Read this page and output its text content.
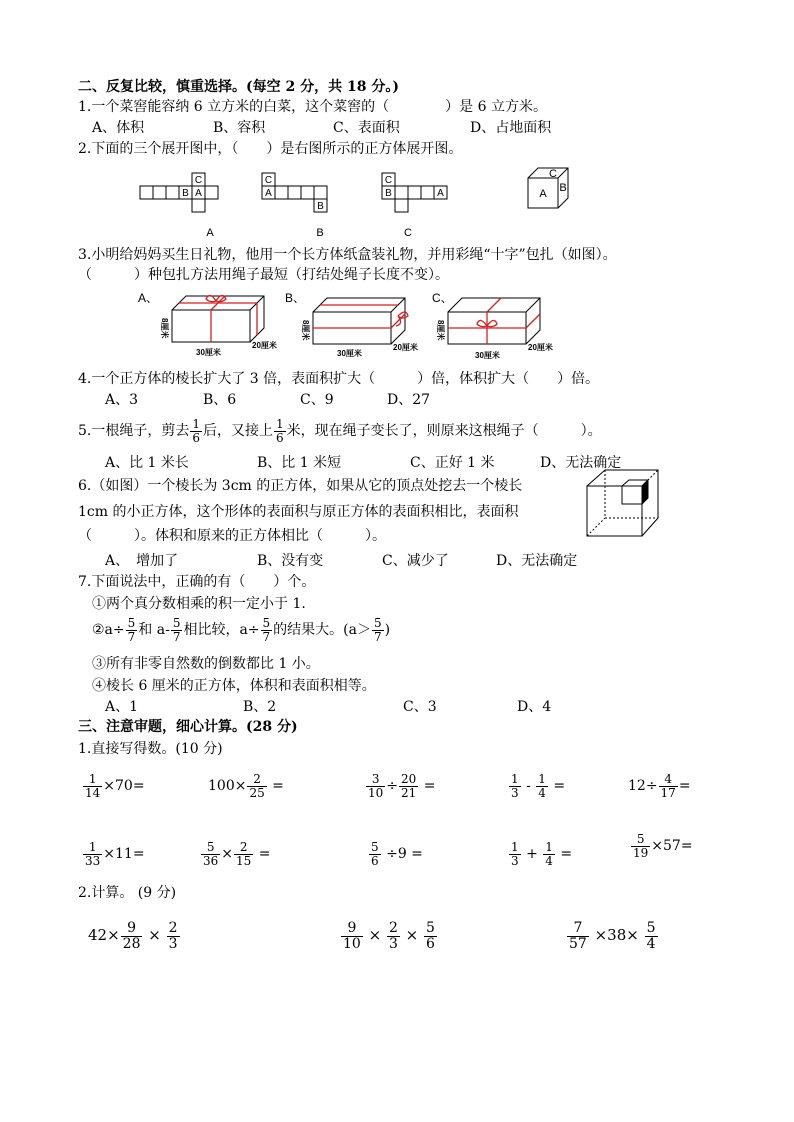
二、反复比较，慎重选择。(每空 2 分，共 18 分。)
1.一个菜窖能容纳 6 立方米的白菜，这个菜窖的（　　　　）是 6 立方米。
A、体积	B、容积	C、表面积	D、占地面积
2.下面的三个展开图中，（　　）是右图所示的正方体展开图。
C
B A
C
A
B
C
B	A
C
A B
A	B	C
3.小明给妈妈买生日礼物，他用一个长方体纸盒装礼物，并用彩绳“十字”包扎（如图）。
（　　　）种包扎方法用绳子最短（打结处绳子长度不变）。
A、	B、	C、
8厘米
30厘米
20厘米
8厘米
30厘米
20厘米
8厘米
30厘米
20厘米
4.一个正方体的棱长扩大了 3 倍，表面积扩大（　　　）倍，体积扩大（　　）倍。
A、3	B、6	C、9	D、27
5.一根绳子，剪去 $\frac{1}{6}$ 后，又接上 $\frac{1}{6}$ 米，现在绳子变长了，则原来这根绳子（　　　）。
A、比 1 米长	B、比 1 米短	C、正好 1 米	D、无法确定
6.（如图）一个棱长为 3cm 的正方体，如果从它的顶点处挖去一个棱长
1cm 的小正方体，这个形体的表面积与原正方体的表面积相比，表面积
（　　　）。体积和原来的正方体相比（　　　）。
A、　增加了	B、没有变	C、减少了	D、无法确定
7.下面说法中，正确的有（　　）个。
①两个真分数相乘的积一定小于 1.
②a÷ $\frac{5}{7}$ 和 $a- \frac{5}{7}$ 相比较，$a\div \frac{5}{7}$ 的结果大。($a> \frac{5}{7}$ )
③所有非零自然数的倒数都比 1 小。
④棱长 6 厘米的正方体，体积和表面积相等。
A、1	B、2	C、3	D、4
三、注意审题，细心计算。(28 分)
1.直接写得数。(10 分)
$\frac{1}{14} \times 70=$	$100\times \frac{2}{25}$ =	$\frac{3}{10} \div \frac{20}{21}$ =	$\frac{1}{3} - \frac{1}{4}$ =	$12\div \frac{4}{17}$ =
$\frac{1}{33} \times 11=$	$\frac{5}{36} \times \frac{2}{15}$ =	$\frac{5}{6} \div 9$ =	$\frac{1}{3} + \frac{1}{4}$ =	$\frac{5}{19} \times 57=$
2.计算。 (9 分)
$42\times \frac{9}{28} \times \frac{2}{3}$	$\frac{9}{10} \times \frac{2}{3} \times \frac{5}{6}$	$\frac{7}{57} \times 38\times \frac{5}{4}$
